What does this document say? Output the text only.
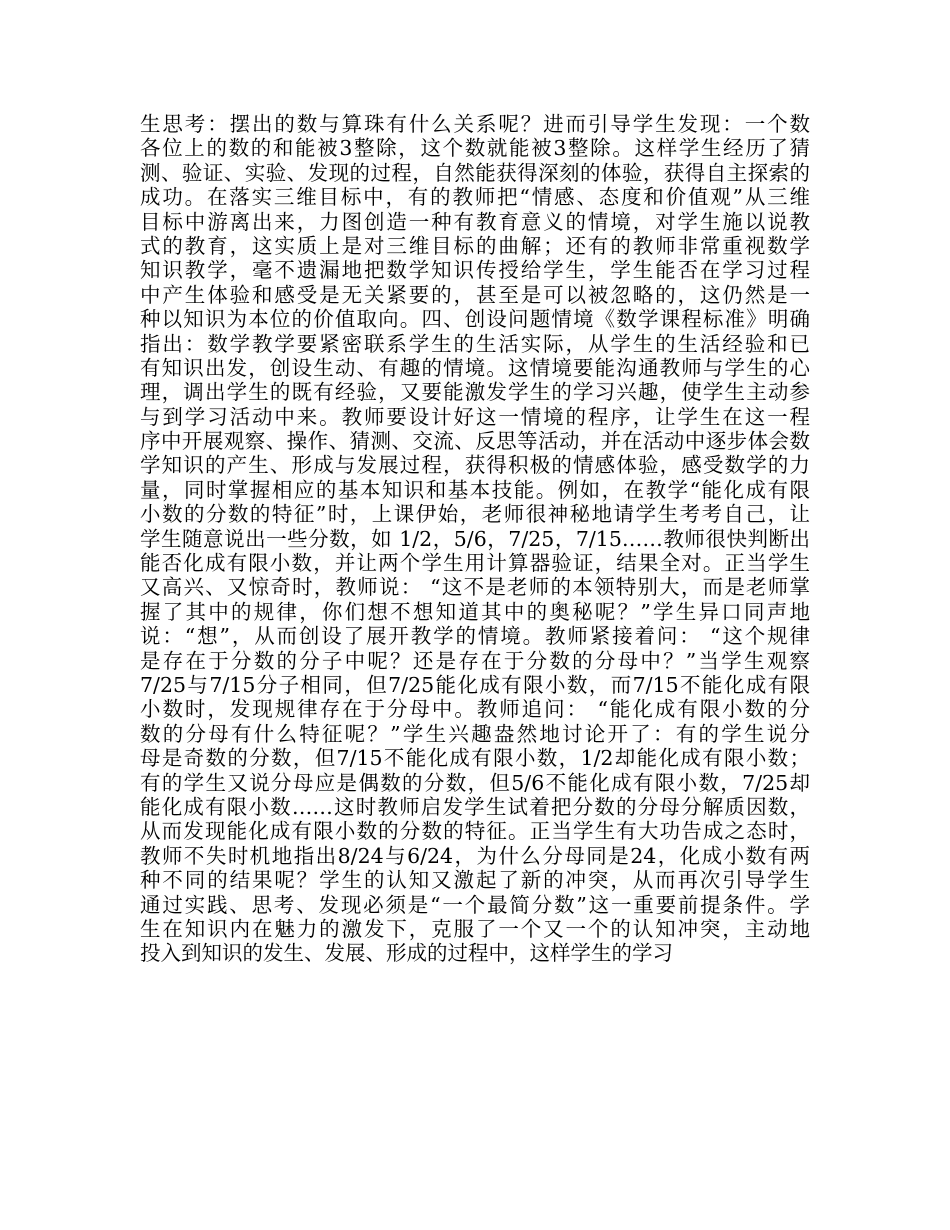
生思考：摆出的数与算珠有什么关系呢？进而引导学生发现：一个数
各位上的数的和能被3整除，这个数就能被3整除。这样学生经历了猜
测、验证、实验、发现的过程，自然能获得深刻的体验，获得自主探索的
成功。在落实三维目标中，有的教师把“情感、态度和价值观”从三维
目标中游离出来，力图创造一种有教育意义的情境，对学生施以说教
式的教育，这实质上是对三维目标的曲解；还有的教师非常重视数学
知识教学，毫不遗漏地把数学知识传授给学生，学生能否在学习过程
中产生体验和感受是无关紧要的，甚至是可以被忽略的，这仍然是一
种以知识为本位的价值取向。四、创设问题情境《数学课程标准》明确
指出：数学教学要紧密联系学生的生活实际，从学生的生活经验和已
有知识出发，创设生动、有趣的情境。这情境要能沟通教师与学生的心
理，调出学生的既有经验，又要能激发学生的学习兴趣，使学生主动参
与到学习活动中来。教师要设计好这一情境的程序，让学生在这一程
序中开展观察、操作、猜测、交流、反思等活动，并在活动中逐步体会数
学知识的产生、形成与发展过程，获得积极的情感体验，感受数学的力
量，同时掌握相应的基本知识和基本技能。例如，在教学“能化成有限
小数的分数的特征”时，上课伊始，老师很神秘地请学生考考自己，让
学生随意说出一些分数，如 1/2，5/6，7/25，7/15……教师很快判断出
能否化成有限小数，并让两个学生用计算器验证，结果全对。正当学生
又高兴、又惊奇时，教师说： “这不是老师的本领特别大，而是老师掌
握了其中的规律，你们想不想知道其中的奥秘呢？”学生异口同声地
说：“想”，从而创设了展开教学的情境。教师紧接着问： “这个规律
是存在于分数的分子中呢？还是存在于分数的分母中？”当学生观察
7/25与7/15分子相同，但7/25能化成有限小数，而7/15不能化成有限
小数时，发现规律存在于分母中。教师追问： “能化成有限小数的分
数的分母有什么特征呢？”学生兴趣盎然地讨论开了：有的学生说分
母是奇数的分数，但7/15不能化成有限小数，1/2却能化成有限小数；
有的学生又说分母应是偶数的分数，但5/6不能化成有限小数，7/25却
能化成有限小数……这时教师启发学生试着把分数的分母分解质因数，
从而发现能化成有限小数的分数的特征。正当学生有大功告成之态时，
教师不失时机地指出8/24与6/24，为什么分母同是24，化成小数有两
种不同的结果呢？学生的认知又激起了新的冲突，从而再次引导学生
通过实践、思考、发现必须是“一个最简分数”这一重要前提条件。学
生在知识内在魅力的激发下，克服了一个又一个的认知冲突，主动地
投入到知识的发生、发展、形成的过程中，这样学生的学习
